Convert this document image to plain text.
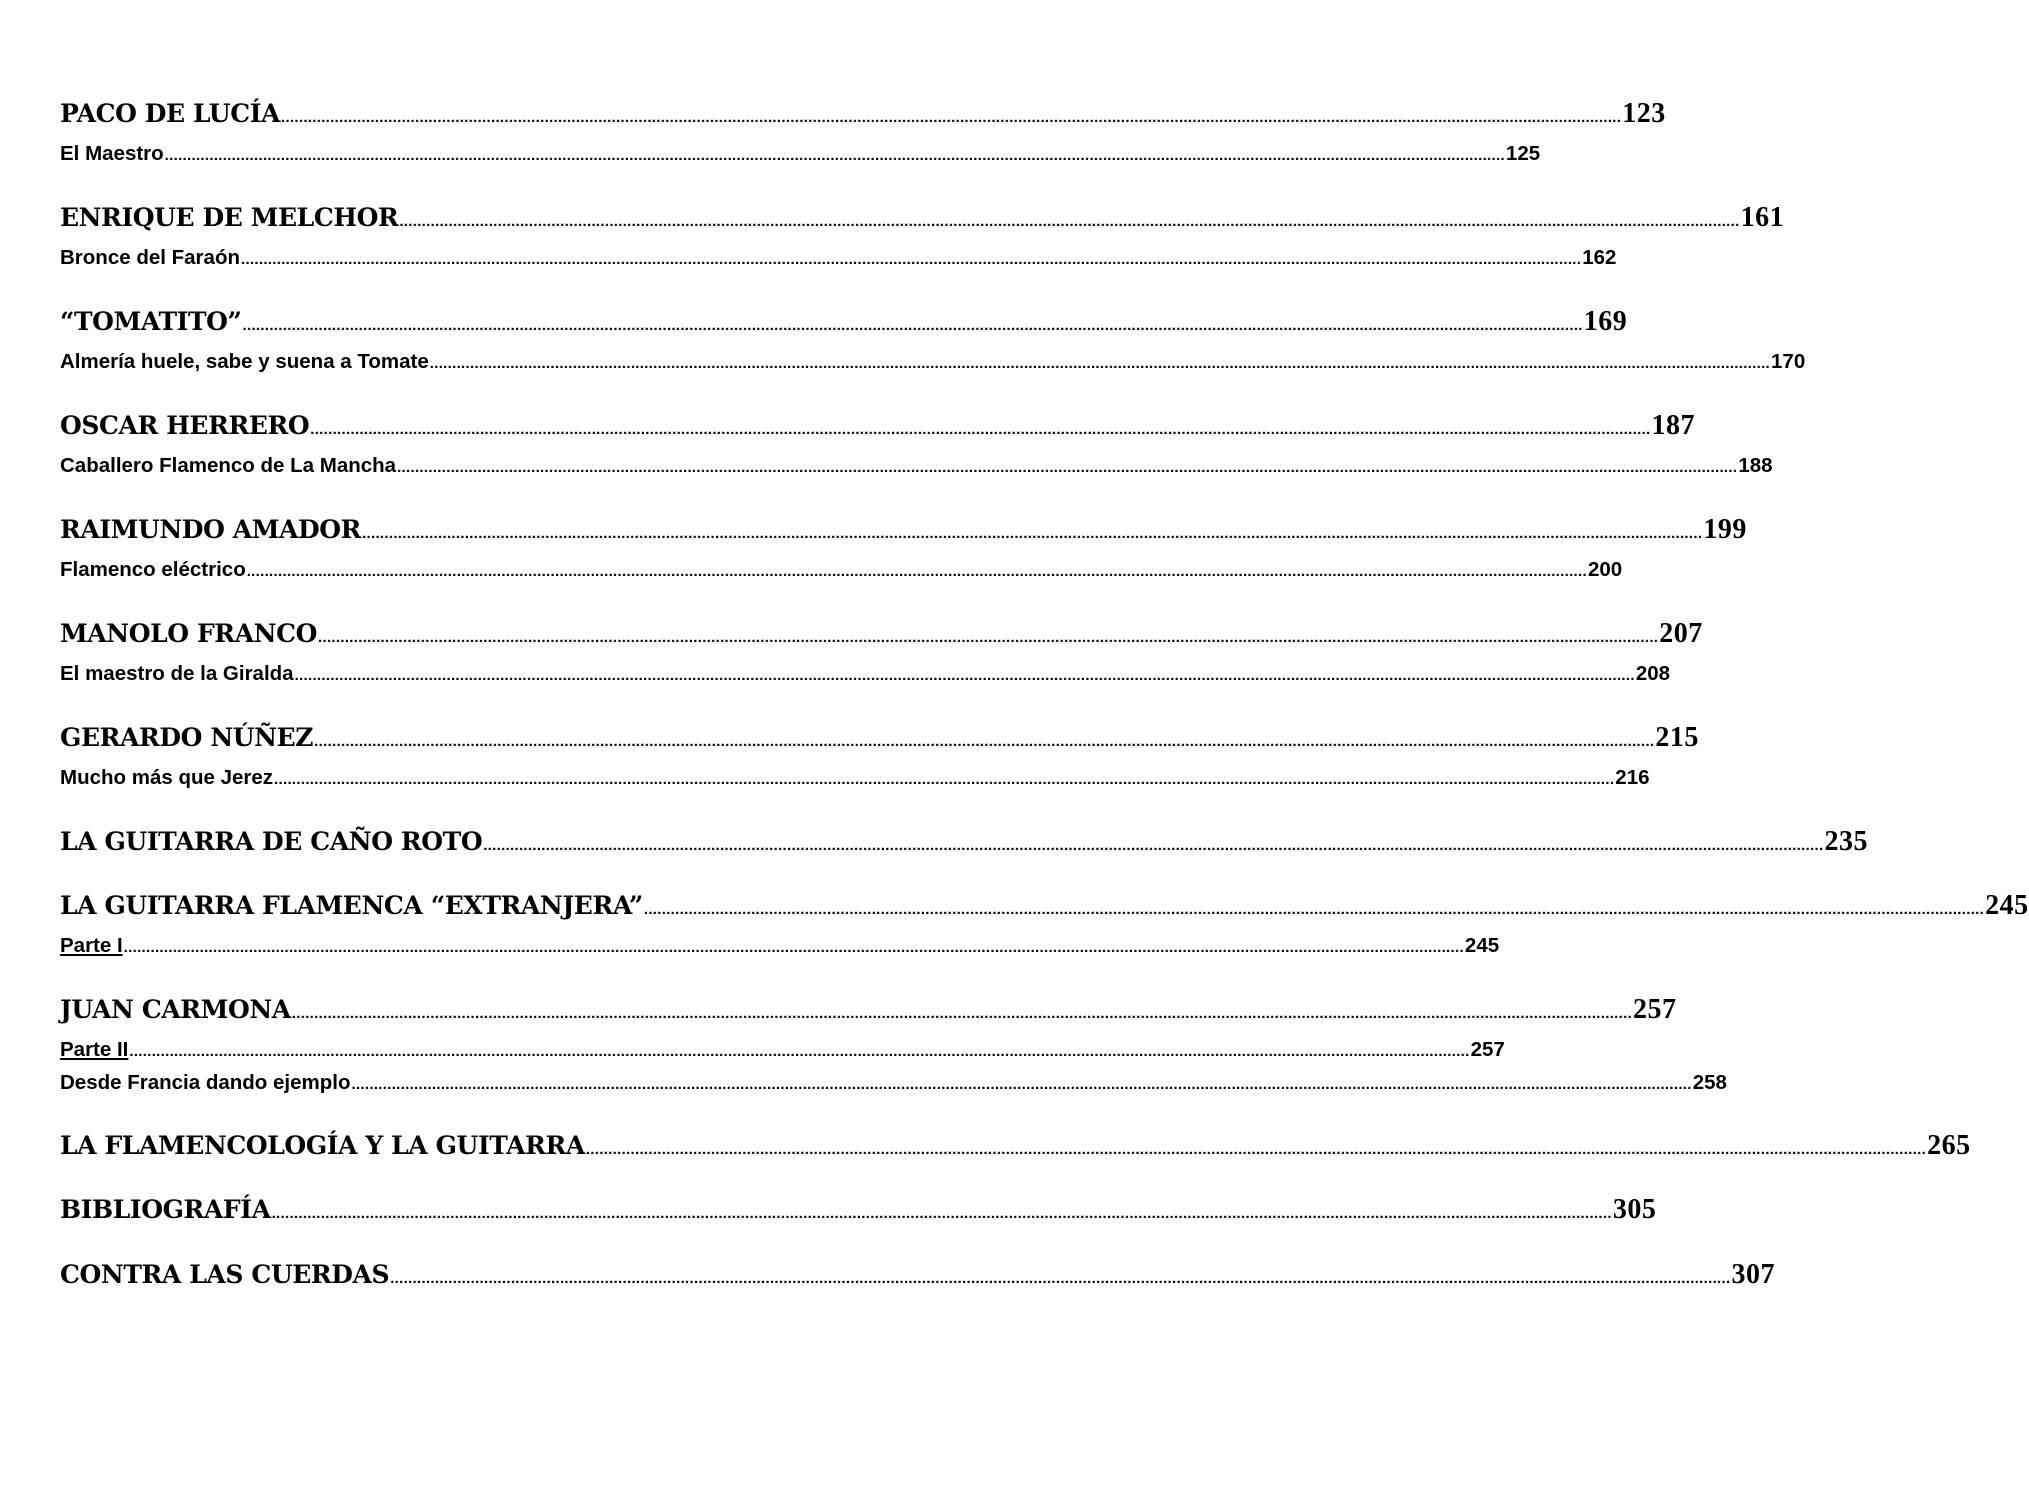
PACO DE LUCÍA ............................................................................................................................................................................................................................................................................................................ 123
El Maestro ............................................................................................................................................................................................................................................................................................................ 125
ENRIQUE DE MELCHOR ............................................................................................................................................................................................................................................................................................................ 161
Bronce del Faraón ............................................................................................................................................................................................................................................................................................................ 162
“TOMATITO” ............................................................................................................................................................................................................................................................................................................ 169
Almería huele, sabe y suena a Tomate ............................................................................................................................................................................................................................................................................................................ 170
OSCAR HERRERO ............................................................................................................................................................................................................................................................................................................ 187
Caballero Flamenco de La Mancha ............................................................................................................................................................................................................................................................................................................ 188
RAIMUNDO AMADOR ............................................................................................................................................................................................................................................................................................................ 199
Flamenco eléctrico ............................................................................................................................................................................................................................................................................................................ 200
MANOLO FRANCO ............................................................................................................................................................................................................................................................................................................ 207
El maestro de la Giralda ............................................................................................................................................................................................................................................................................................................ 208
GERARDO NÚÑEZ ............................................................................................................................................................................................................................................................................................................ 215
Mucho más que Jerez ............................................................................................................................................................................................................................................................................................................ 216
LA GUITARRA DE CAÑO ROTO ............................................................................................................................................................................................................................................................................................................ 235
LA GUITARRA FLAMENCA “EXTRANJERA” ............................................................................................................................................................................................................................................................................................................ 245
Parte I ............................................................................................................................................................................................................................................................................................................ 245
JUAN CARMONA ............................................................................................................................................................................................................................................................................................................ 257
Parte II ............................................................................................................................................................................................................................................................................................................ 257
Desde Francia dando ejemplo ............................................................................................................................................................................................................................................................................................................ 258
LA FLAMENCOLOGÍA Y LA GUITARRA ............................................................................................................................................................................................................................................................................................................ 265
BIBLIOGRAFÍA ............................................................................................................................................................................................................................................................................................................ 305
CONTRA LAS CUERDAS ............................................................................................................................................................................................................................................................................................................ 307
